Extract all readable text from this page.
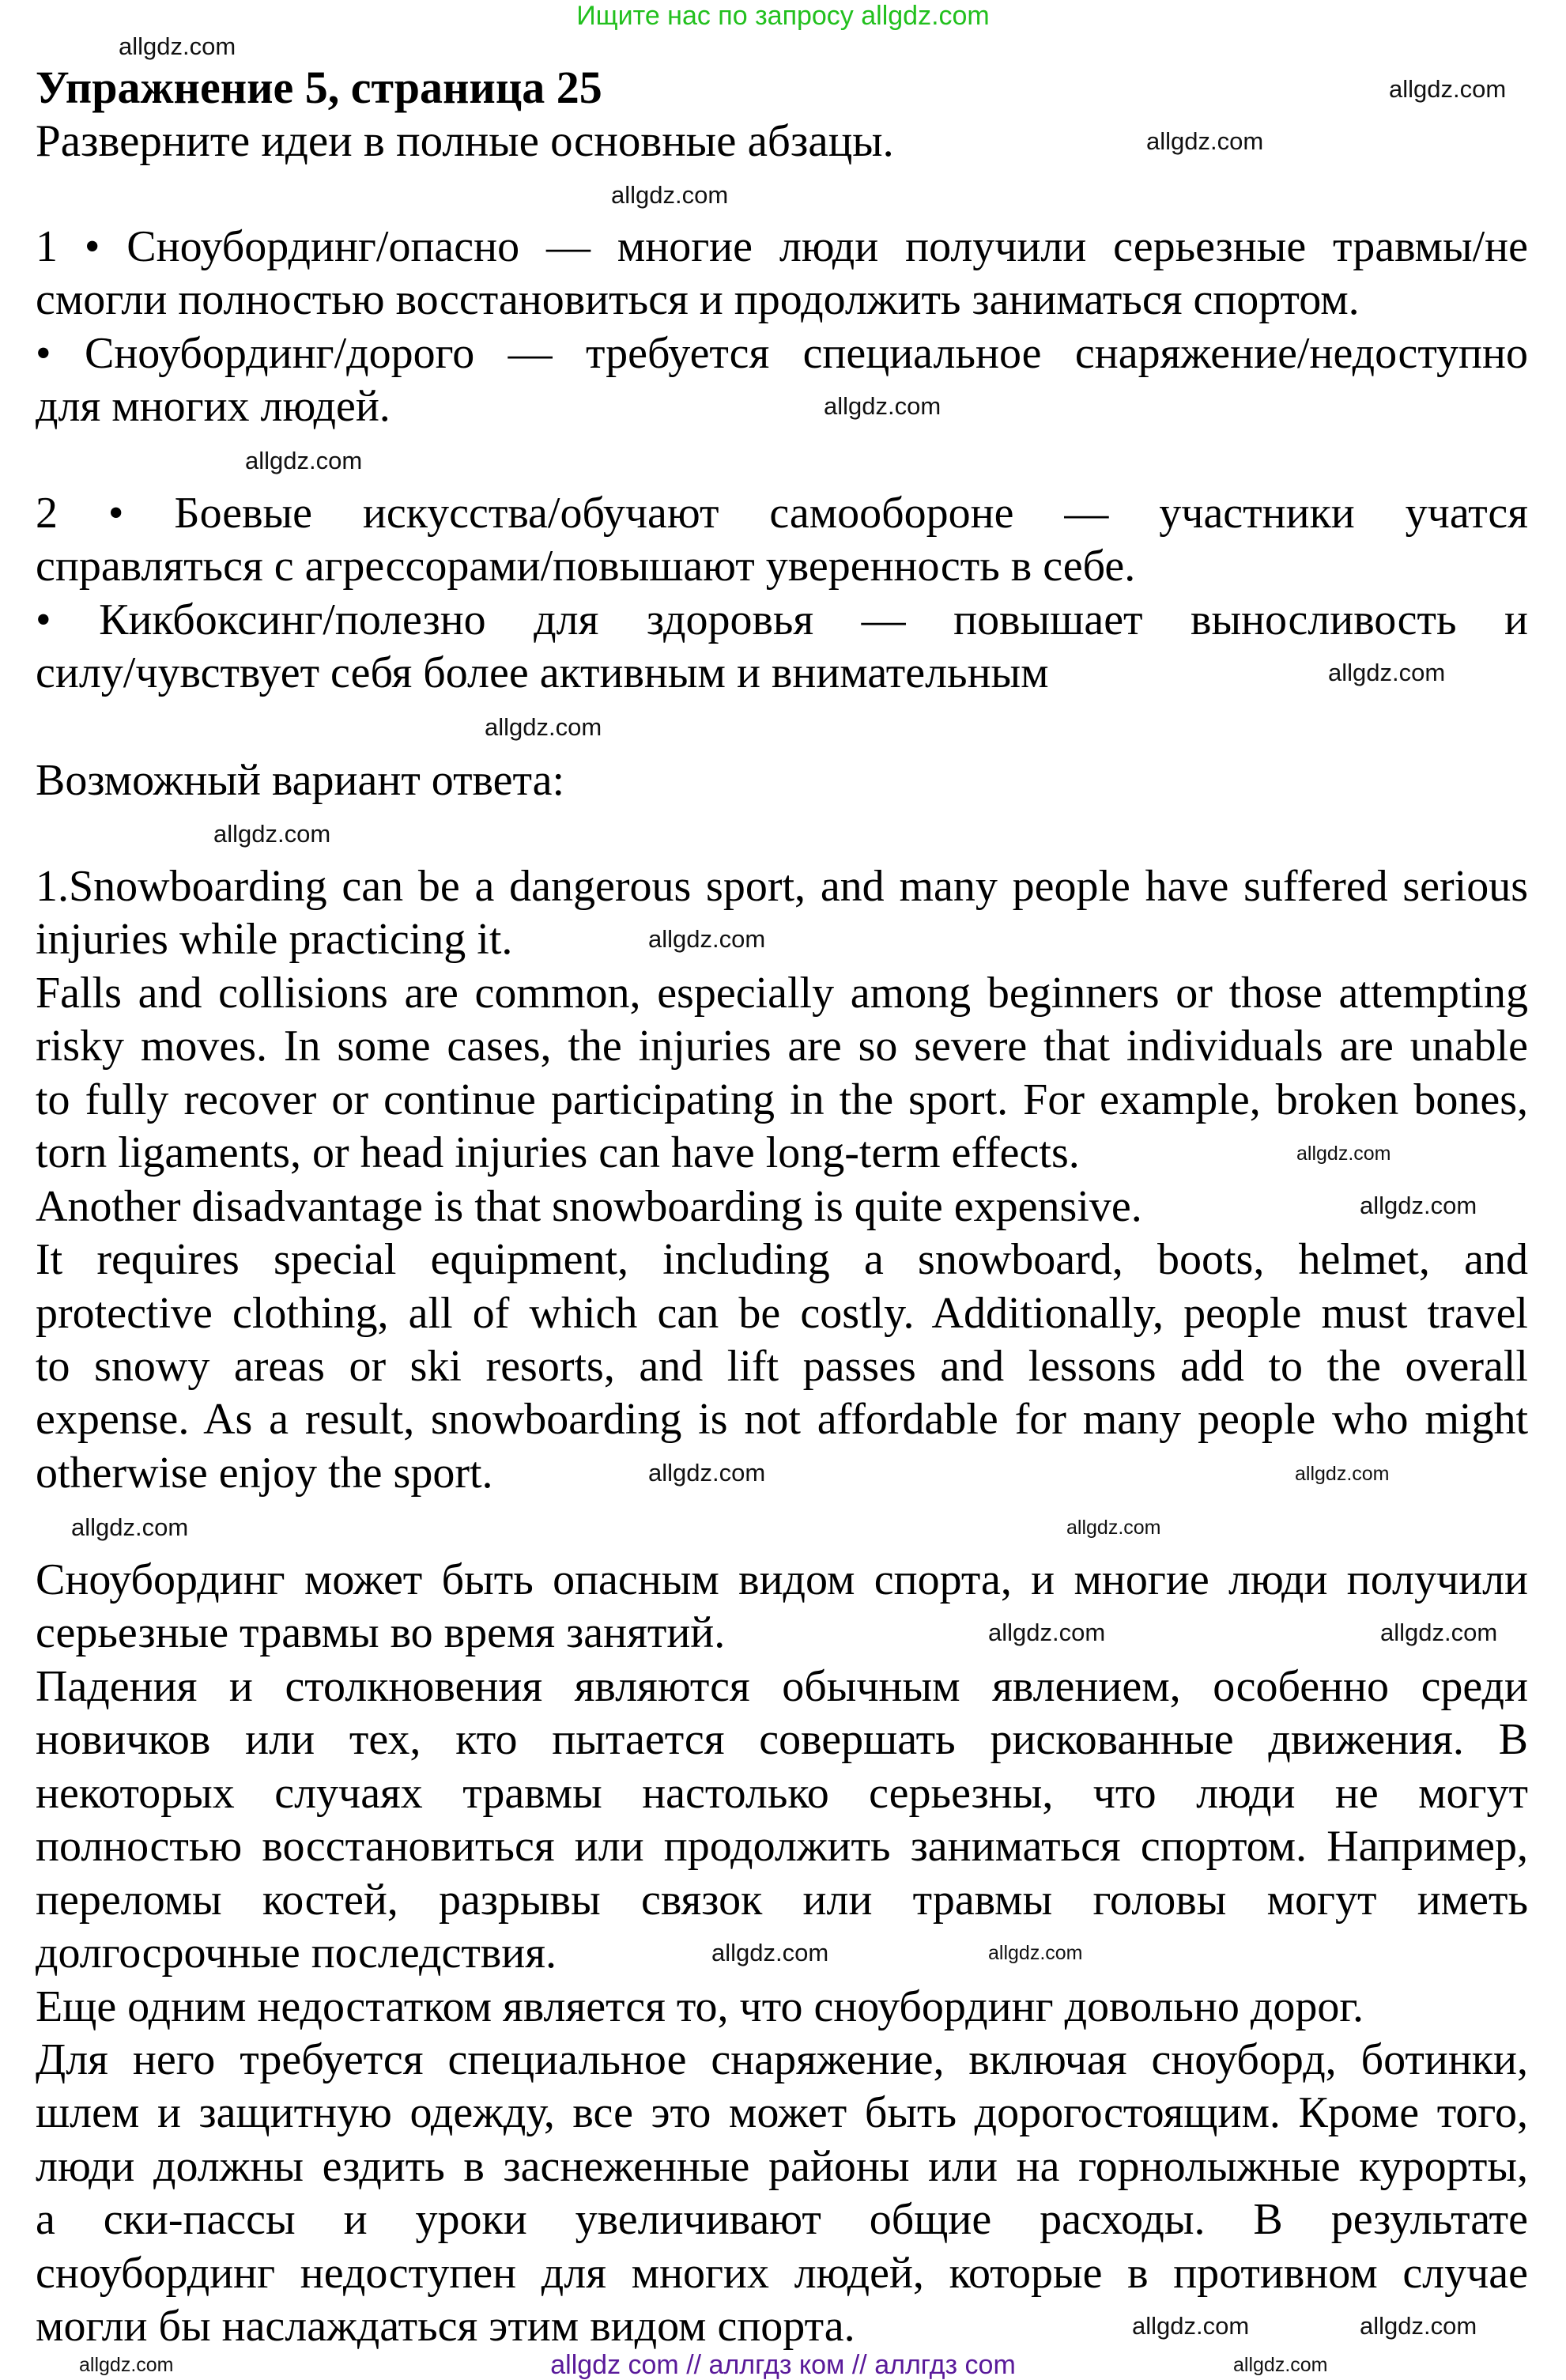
Ищите нас по запросу allgdz.com
Упражнение 5, страница 25
Разверните идеи в полные основные абзацы.
1 • Сноубординг/опасно — многие люди получили серьезные травмы/не
смогли полностью восстановиться и продолжить заниматься спортом.
• Сноубординг/дорого — требуется специальное снаряжение/недоступно
для многих людей.
2 • Боевые искусства/обучают самообороне — участники учатся
справляться с агрессорами/повышают уверенность в себе.
• Кикбоксинг/полезно для здоровья — повышает выносливость и
силу/чувствует себя более активным и внимательным
Возможный вариант ответа:
1.Snowboarding can be a dangerous sport, and many people have suffered serious
injuries while practicing it.
Falls and collisions are common, especially among beginners or those attempting
risky moves. In some cases, the injuries are so severe that individuals are unable
to fully recover or continue participating in the sport. For example, broken bones,
torn ligaments, or head injuries can have long-term effects.
Another disadvantage is that snowboarding is quite expensive.
It requires special equipment, including a snowboard, boots, helmet, and
protective clothing, all of which can be costly. Additionally, people must travel
to snowy areas or ski resorts, and lift passes and lessons add to the overall
expense. As a result, snowboarding is not affordable for many people who might
otherwise enjoy the sport.
Сноубординг может быть опасным видом спорта, и многие люди получили
серьезные травмы во время занятий.
Падения и столкновения являются обычным явлением, особенно среди
новичков или тех, кто пытается совершать рискованные движения. В
некоторых случаях травмы настолько серьезны, что люди не могут
полностью восстановиться или продолжить заниматься спортом. Например,
переломы костей, разрывы связок или травмы головы могут иметь
долгосрочные последствия.
Еще одним недостатком является то, что сноубординг довольно дорог.
Для него требуется специальное снаряжение, включая сноуборд, ботинки,
шлем и защитную одежду, все это может быть дорогостоящим. Кроме того,
люди должны ездить в заснеженные районы или на горнолыжные курорты,
а ски-пассы и уроки увеличивают общие расходы. В результате
сноубординг недоступен для многих людей, которые в противном случае
могли бы наслаждаться этим видом спорта.
allgdz.com
allgdz.com
allgdz.com
allgdz.com
allgdz.com
allgdz.com
allgdz.com
allgdz.com
allgdz.com
allgdz.com
allgdz.com
allgdz.com
allgdz.com
allgdz.com
allgdz.com
allgdz.com
allgdz.com
allgdz.com
allgdz.com
allgdz.com
allgdz.com
allgdz.com	allgdz.com
allgdz.com
allgdz com // аллгдз ком // аллгдз com
